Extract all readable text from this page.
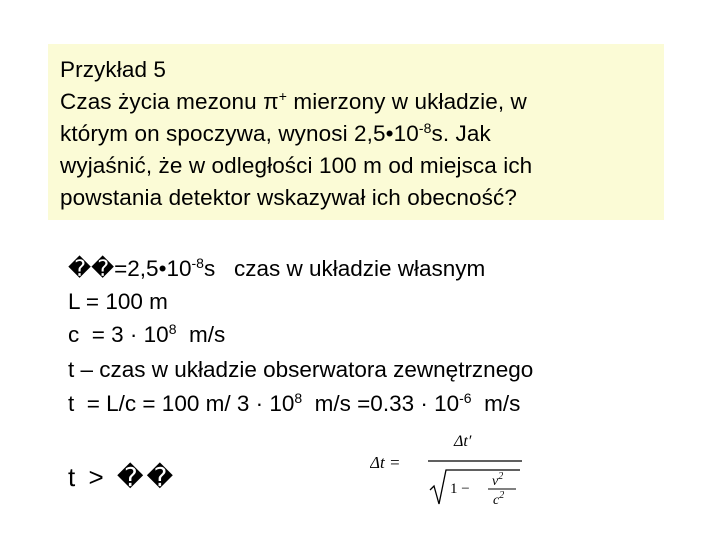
Przykład 5
Czas życia mezonu π+ mierzony w układzie, w
którym on spoczywa, wynosi $2,5•10^{-8}s$. Jak
wyjaśnić, że w odległości 100 m od miejsca ich
powstania detektor wskazywał ich obecność?
$��=2,5•10^{-8}s$   czas w układzie własnym
L = 100 m
$c = 3 \cdot 10^8$  m/s
t – czas w układzie obserwatora zewnętrznego
t  = L/c = 100 m/ $3 \cdot 10^8$  $m/s =0.33 \cdot 10^{-6}$  m/s
t > ��	Δt =
Δt′
$1 - v^2$
$c^2$
